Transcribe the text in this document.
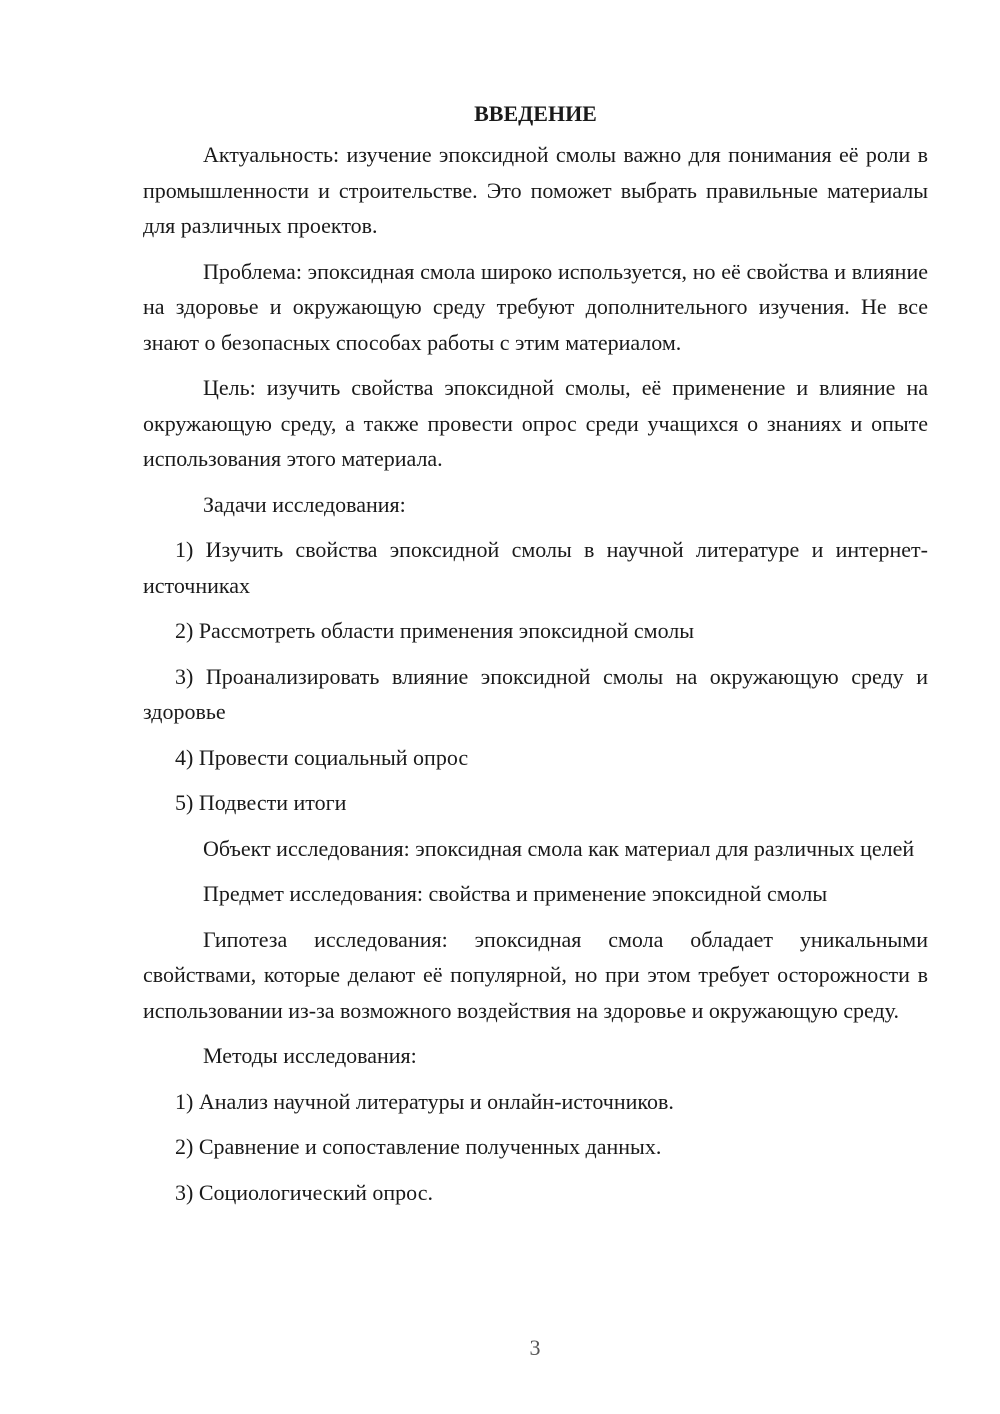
ВВЕДЕНИЕ

Актуальность: изучение эпоксидной смолы важно для понимания её роли в промышленности и строительстве. Это поможет выбрать правильные материалы для различных проектов.

Проблема: эпоксидная смола широко используется, но её свойства и влияние на здоровье и окружающую среду требуют дополнительного изучения. Не все знают о безопасных способах работы с этим материалом.

Цель: изучить свойства эпоксидной смолы, её применение и влияние на окружающую среду, а также провести опрос среди учащихся о знаниях и опыте использования этого материала.

Задачи исследования:

1) Изучить свойства эпоксидной смолы в научной литературе и интернет-источниках

2) Рассмотреть области применения эпоксидной смолы

3) Проанализировать влияние эпоксидной смолы на окружающую среду и здоровье

4) Провести социальный опрос

5) Подвести итоги

Объект исследования: эпоксидная смола как материал для различных целей

Предмет исследования: свойства и применение эпоксидной смолы

Гипотеза исследования: эпоксидная смола обладает уникальными свойствами, которые делают её популярной, но при этом требует осторожности в использовании из-за возможного воздействия на здоровье и окружающую среду.

Методы исследования:

1) Анализ научной литературы и онлайн-источников.

2) Сравнение и сопоставление полученных данных.

3) Социологический опрос.

3
